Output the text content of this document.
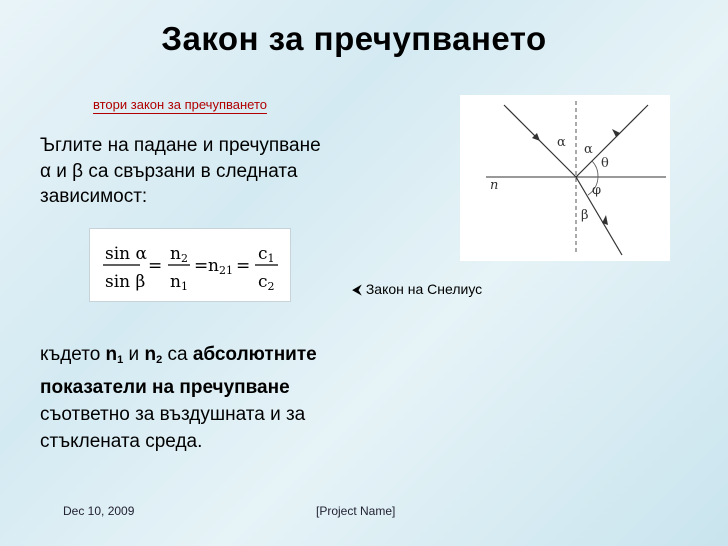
Закон за пречупването
втори закон за пречупването
Ъглите на падане и пречупване
α и β са свързани в следната
зависимост:
sin α
sin β
=
n2
n1
= n21 =
c1
c2	⮜ Закон на Снелиус
където $n_1$ и $n_2$ са абсолютните
показатели на пречупване
съответно за въздушната и за
стъклената среда.
n
α α
θ
φ
β
Dec 10, 2009	[Project Name]
